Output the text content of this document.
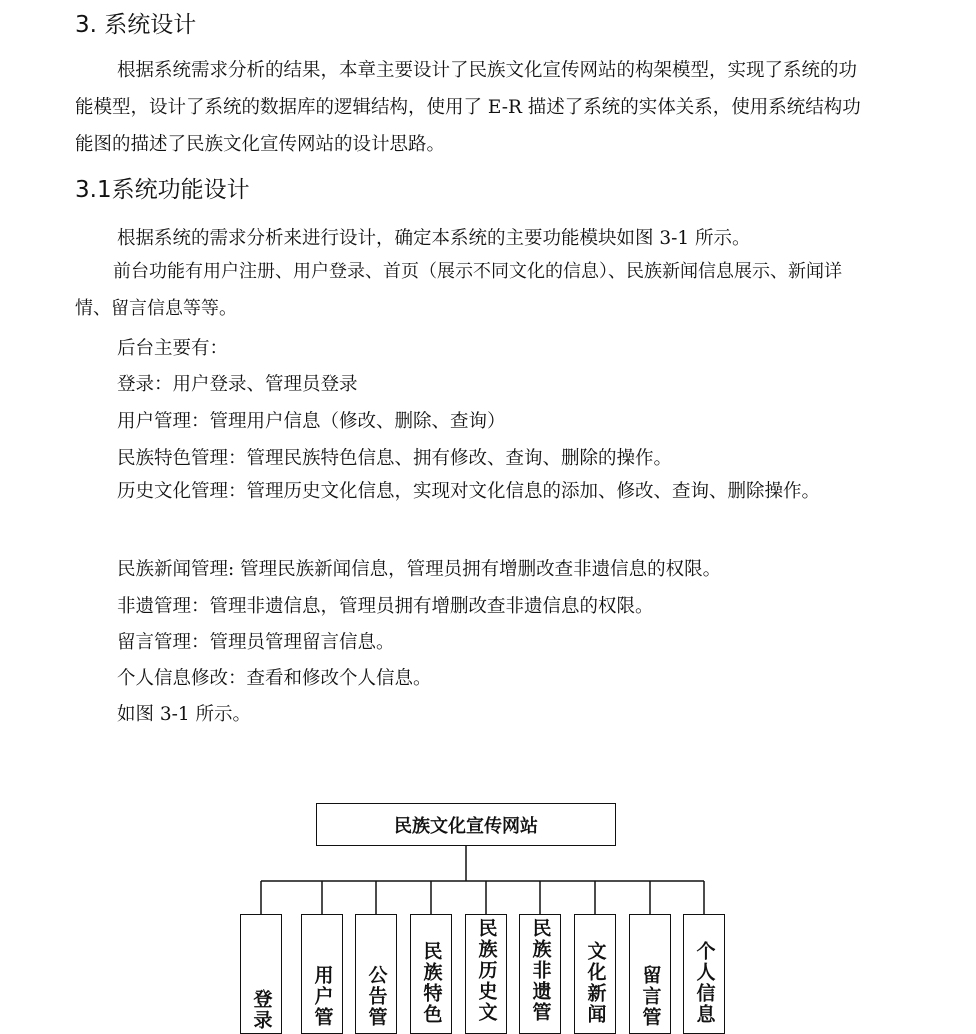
3. 系统设计

根据系统需求分析的结果，本章主要设计了民族文化宣传网站的构架模型，实现了系统的功能模型，设计了系统的数据库的逻辑结构，使用了 E-R 描述了系统的实体关系，使用系统结构功能图的描述了民族文化宣传网站的设计思路。

3.1系统功能设计
根据系统的需求分析来进行设计，确定本系统的主要功能模块如图 3-1 所示。

前台功能有用户注册、用户登录、首页（展示不同文化的信息）、民族新闻信息展示、新闻详情、留言信息等等。

后台主要有：
登录：用户登录、管理员登录
用户管理：管理用户信息（修改、删除、查询）
民族特色管理：管理民族特色信息、拥有修改、查询、删除的操作。

历史文化管理：管理历史文化信息，实现对文化信息的添加、修改、查询、删除操作。

民族新闻管理: 管理民族新闻信息，管理员拥有增删改查非遗信息的权限。
非遗管理：管理非遗信息，管理员拥有增删改查非遗信息的权限。
留言管理：管理员管理留言信息。
个人信息修改：查看和修改个人信息。
如图 3-1 所示。
民族文化宣传网站
登录 用户管 公告管 民族特色 民族历史文 民族非遗管 文化新闻 留言管 个人信息
